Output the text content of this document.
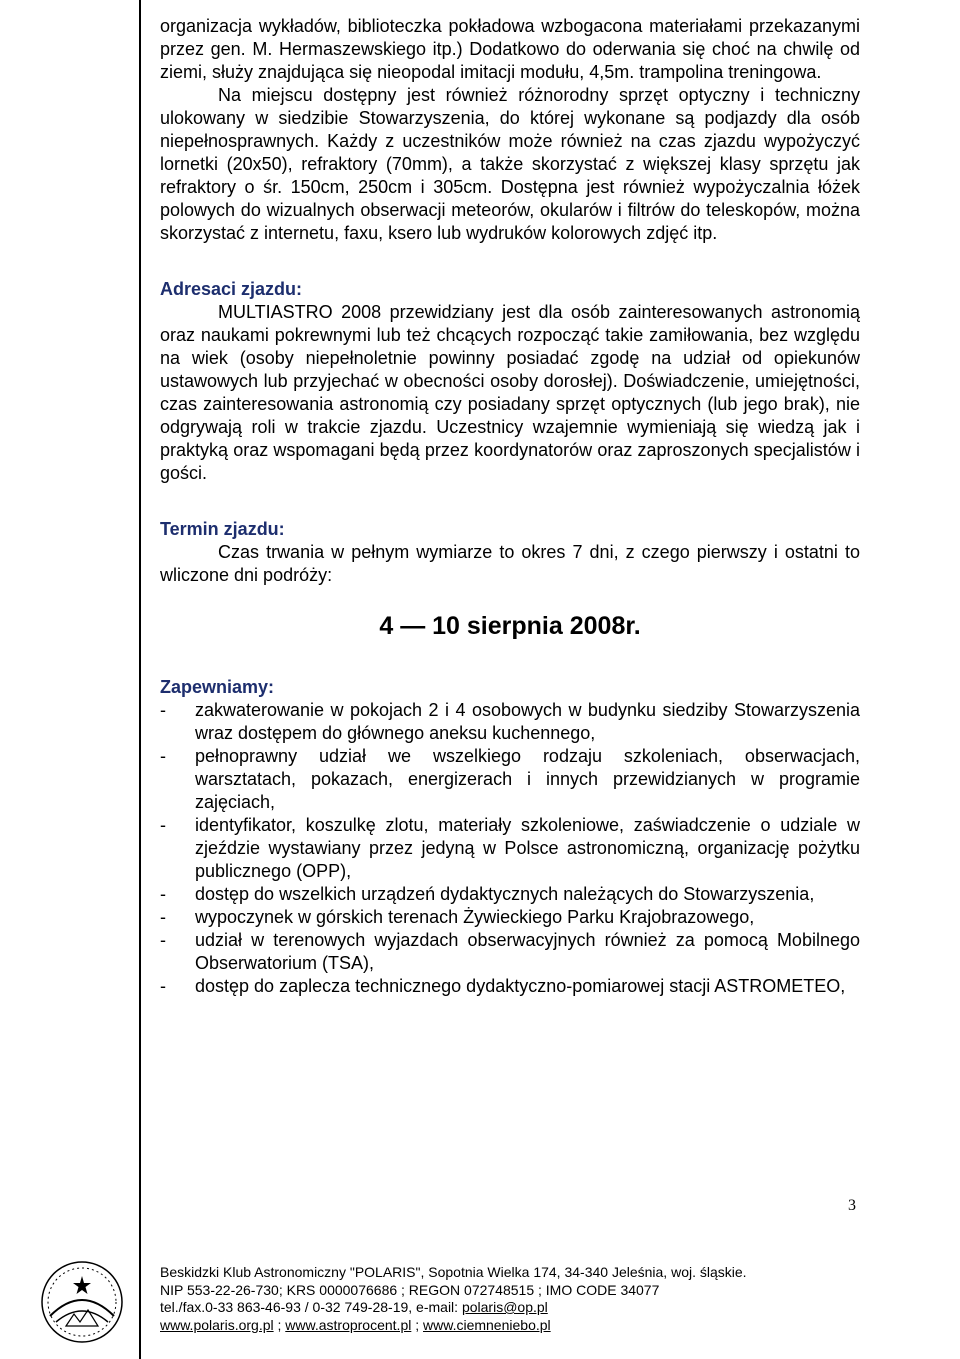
organizacja wykładów, biblioteczka pokładowa wzbogacona materiałami przekazanymi przez gen. M. Hermaszewskiego itp.) Dodatkowo do oderwania się choć na chwilę od ziemi, służy znajdująca się nieopodal imitacji modułu, 4,5m. trampolina treningowa.

Na miejscu dostępny jest również różnorodny sprzęt optyczny i techniczny ulokowany w siedzibie Stowarzyszenia, do której wykonane są podjazdy dla osób niepełnosprawnych. Każdy z uczestników może również na czas zjazdu wypożyczyć lornetki (20x50), refraktory (70mm), a także skorzystać z większej klasy sprzętu jak refraktory o śr. 150cm, 250cm i 305cm. Dostępna jest również wypożyczalnia łóżek polowych do wizualnych obserwacji meteorów, okularów i filtrów do teleskopów, można skorzystać z internetu, faxu, ksero lub wydruków kolorowych zdjęć itp.

Adresaci zjazdu:

MULTIASTRO 2008 przewidziany jest dla osób zainteresowanych astronomią oraz naukami pokrewnymi lub też chcących rozpocząć takie zamiłowania, bez względu na wiek (osoby niepełnoletnie powinny posiadać zgodę na udział od opiekunów ustawowych lub przyjechać w obecności osoby dorosłej). Doświadczenie, umiejętności, czas zainteresowania astronomią czy posiadany sprzęt optycznych (lub jego brak), nie odgrywają roli w trakcie zjazdu. Uczestnicy wzajemnie wymieniają się wiedzą jak i praktyką oraz wspomagani będą przez koordynatorów oraz zaproszonych specjalistów i gości.

Termin zjazdu:

Czas trwania w pełnym wymiarze to okres 7 dni, z czego pierwszy i ostatni to wliczone dni podróży:

4 — 10 sierpnia 2008r.

Zapewniamy:

- zakwaterowanie w pokojach 2 i 4 osobowych w budynku siedziby Stowarzyszenia wraz dostępem do głównego aneksu kuchennego,
- pełnoprawny udział we wszelkiego rodzaju szkoleniach, obserwacjach, warsztatach, pokazach, energizerach i innych przewidzianych w programie zajęciach,
- identyfikator, koszulkę zlotu, materiały szkoleniowe, zaświadczenie o udziale w zjeździe wystawiany przez jedyną w Polsce astronomiczną, organizację pożytku publicznego (OPP),
- dostęp do wszelkich urządzeń dydaktycznych należących do Stowarzyszenia,
- wypoczynek w górskich terenach Żywieckiego Parku Krajobrazowego,
- udział w terenowych wyjazdach obserwacyjnych również za pomocą Mobilnego Obserwatorium (TSA),
- dostęp do zaplecza technicznego dydaktyczno-pomiarowej stacji ASTROMETEO,
3
Beskidzki Klub Astronomiczny "POLARIS", Sopotnia Wielka 174, 34-340 Jeleśnia, woj. śląskie.
NIP 553-22-26-730; KRS 0000076686 ; REGON 072748515 ; IMO CODE 34077
tel./fax.0-33 863-46-93 / 0-32 749-28-19, e-mail: polaris@op.pl
www.polaris.org.pl ; www.astroprocent.pl ; www.ciemneniebo.pl
